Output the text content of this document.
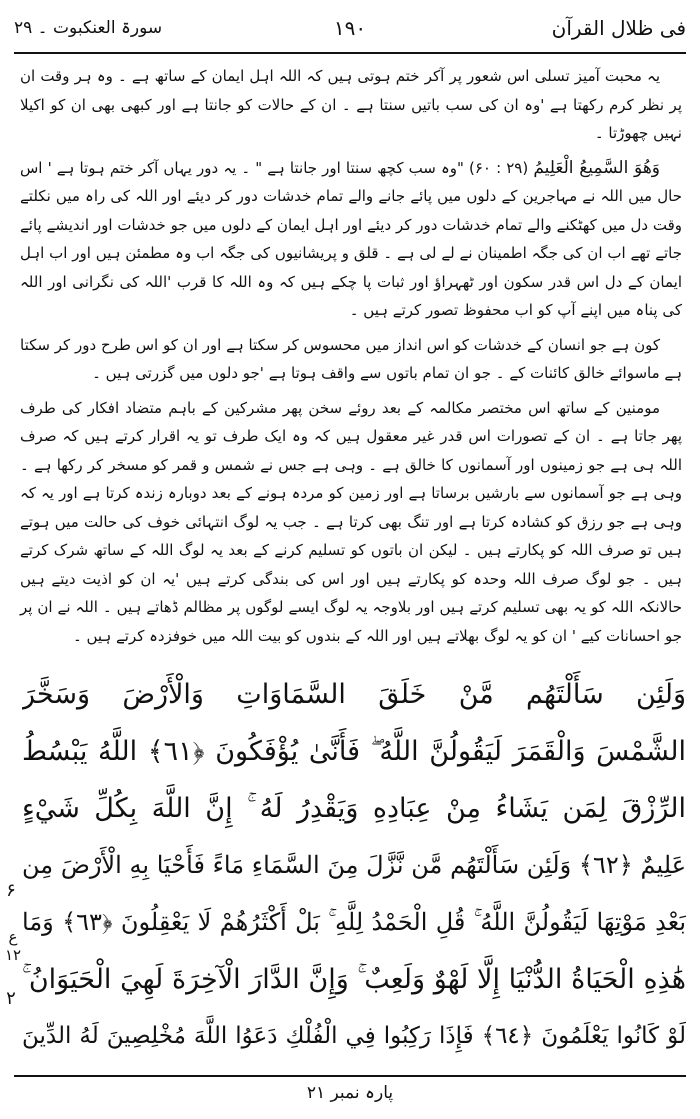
فی ظلال القرآن
۱۹۰
سورۃ العنکبوت ۔ ۲۹

یہ محبت آمیز تسلی اس شعور پر آکر ختم ہوتی ہیں کہ اللہ اہل ایمان کے ساتھ ہے ۔ وہ ہر وقت ان پر نظر کرم رکھتا ہے 'وہ ان کی سب باتیں سنتا ہے ۔ ان کے حالات کو جانتا ہے اور کبھی بھی ان کو اکیلا نہیں چھوڑتا ۔

وَهُوَ السَّمِيعُ الْعَلِيمُ (۲۹ : ۶۰) "وہ سب کچھ سنتا اور جانتا ہے " ۔ یہ دور یہاں آکر ختم ہوتا ہے ' اس حال میں اللہ نے مہاجرین کے دلوں میں پائے جانے والے تمام خدشات دور کر دیئے اور اللہ کی راہ میں نکلتے وقت دل میں کھٹکنے والے تمام خدشات دور کر دیئے اور اہل ایمان کے دلوں میں جو خدشات اور اندیشے پائے جاتے تھے اب ان کی جگہ اطمینان نے لے لی ہے ۔ قلق و پریشانیوں کی جگہ اب وہ مطمئن ہیں اور اب اہل ایمان کے دل اس قدر سکون اور ٹھہراؤ اور ثبات پا چکے ہیں کہ وہ اللہ کا قرب 'اللہ کی نگرانی اور اللہ کی پناہ میں اپنے آپ کو اب محفوظ تصور کرتے ہیں ۔

کون ہے جو انسان کے خدشات کو اس انداز میں محسوس کر سکتا ہے اور ان کو اس طرح دور کر سکتا ہے ماسوائے خالق کائنات کے ۔ جو ان تمام باتوں سے واقف ہوتا ہے 'جو دلوں میں گزرتی ہیں ۔

مومنین کے ساتھ اس مختصر مکالمہ کے بعد روئے سخن پھر مشرکین کے باہم متضاد افکار کی طرف پھر جاتا ہے ۔ ان کے تصورات اس قدر غیر معقول ہیں کہ وہ ایک طرف تو یہ اقرار کرتے ہیں کہ صرف اللہ ہی ہے جو زمینوں اور آسمانوں کا خالق ہے ۔ وہی ہے جس نے شمس و قمر کو مسخر کر رکھا ہے ۔ وہی ہے جو آسمانوں سے بارشیں برساتا ہے اور زمین کو مردہ ہونے کے بعد دوبارہ زندہ کرتا ہے اور یہ کہ وہی ہے جو رزق کو کشادہ کرتا ہے اور تنگ بھی کرتا ہے ۔ جب یہ لوگ انتہائی خوف کی حالت میں ہوتے ہیں تو صرف اللہ کو پکارتے ہیں ۔ لیکن ان باتوں کو تسلیم کرنے کے بعد یہ لوگ اللہ کے ساتھ شرک کرتے ہیں ۔ جو لوگ صرف اللہ وحدہ کو پکارتے ہیں اور اس کی بندگی کرتے ہیں 'یہ ان کو اذیت دیتے ہیں حالانکہ اللہ کو یہ بھی تسلیم کرتے ہیں اور بلاوجہ یہ لوگ ایسے لوگوں پر مظالم ڈھاتے ہیں ۔ اللہ نے ان پر جو احسانات کیے ' ان کو یہ لوگ بھلاتے ہیں اور اللہ کے بندوں کو بیت اللہ میں خوفزدہ کرتے ہیں ۔

وَلَئِن سَأَلْتَهُم مَّنْ خَلَقَ السَّمَاوَاتِ وَالْأَرْضَ وَسَخَّرَ
الشَّمْسَ وَالْقَمَرَ لَيَقُولُنَّ اللَّهُ ۖ فَأَنَّىٰ يُؤْفَكُونَ ﴿٦١﴾ اللَّهُ يَبْسُطُ
الرِّزْقَ لِمَن يَشَاءُ مِنْ عِبَادِهِ وَيَقْدِرُ لَهُ ۚ إِنَّ اللَّهَ بِكُلِّ شَيْءٍ
عَلِيمٌ ﴿٦٢﴾ وَلَئِن سَأَلْتَهُم مَّن نَّزَّلَ مِنَ السَّمَاءِ مَاءً فَأَحْيَا بِهِ الْأَرْضَ مِن
بَعْدِ مَوْتِهَا لَيَقُولُنَّ اللَّهُ ۚ قُلِ الْحَمْدُ لِلَّهِ ۚ بَلْ أَكْثَرُهُمْ لَا يَعْقِلُونَ ﴿٦٣﴾ وَمَا
هَٰذِهِ الْحَيَاةُ الدُّنْيَا إِلَّا لَهْوٌ وَلَعِبٌ ۚ وَإِنَّ الدَّارَ الْآخِرَةَ لَهِيَ الْحَيَوَانُ ۚ
لَوْ كَانُوا يَعْلَمُونَ ﴿٦٤﴾ فَإِذَا رَكِبُوا فِي الْفُلْكِ دَعَوُا اللَّهَ مُخْلِصِينَ لَهُ الدِّينَ
۶
ع ۱۲
۲
پارہ نمبر ۲۱
